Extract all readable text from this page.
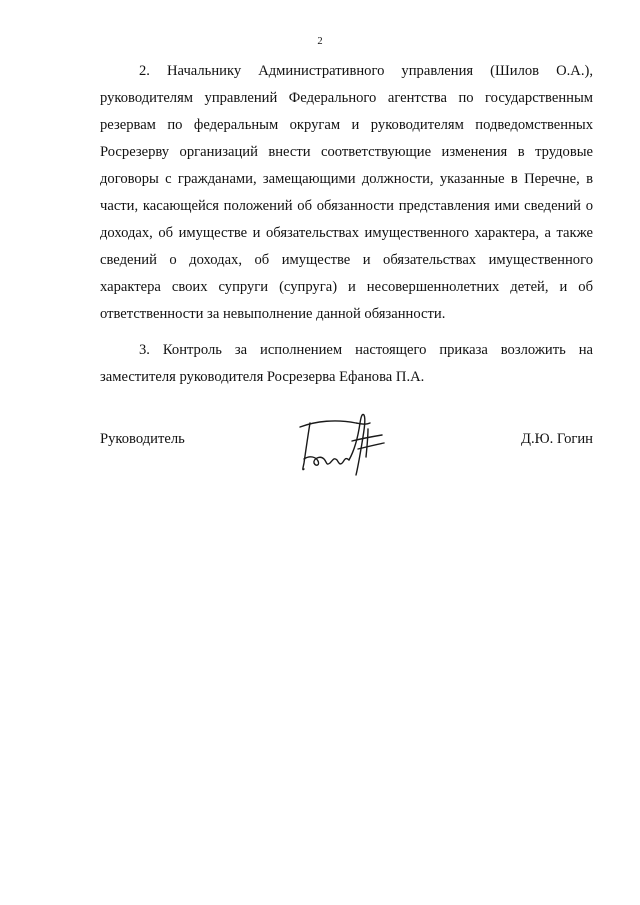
2

2. Начальнику Административного управления (Шилов О.А.), руководителям управлений Федерального агентства по государственным резервам по федеральным округам и руководителям подведомственных Росрезерву организаций внести соответствующие изменения в трудовые договоры с гражданами, замещающими должности, указанные в Перечне, в части, касающейся положений об обязанности представления ими сведений о доходах, об имуществе и обязательствах имущественного характера, а также сведений о доходах, об имуществе и обязательствах имущественного характера своих супруги (супруга) и несовершеннолетних детей, и об ответственности за невыполнение данной обязанности.

3. Контроль за исполнением настоящего приказа возложить на заместителя руководителя Росрезерва Ефанова П.А.

Руководитель	Д.Ю. Гогин
